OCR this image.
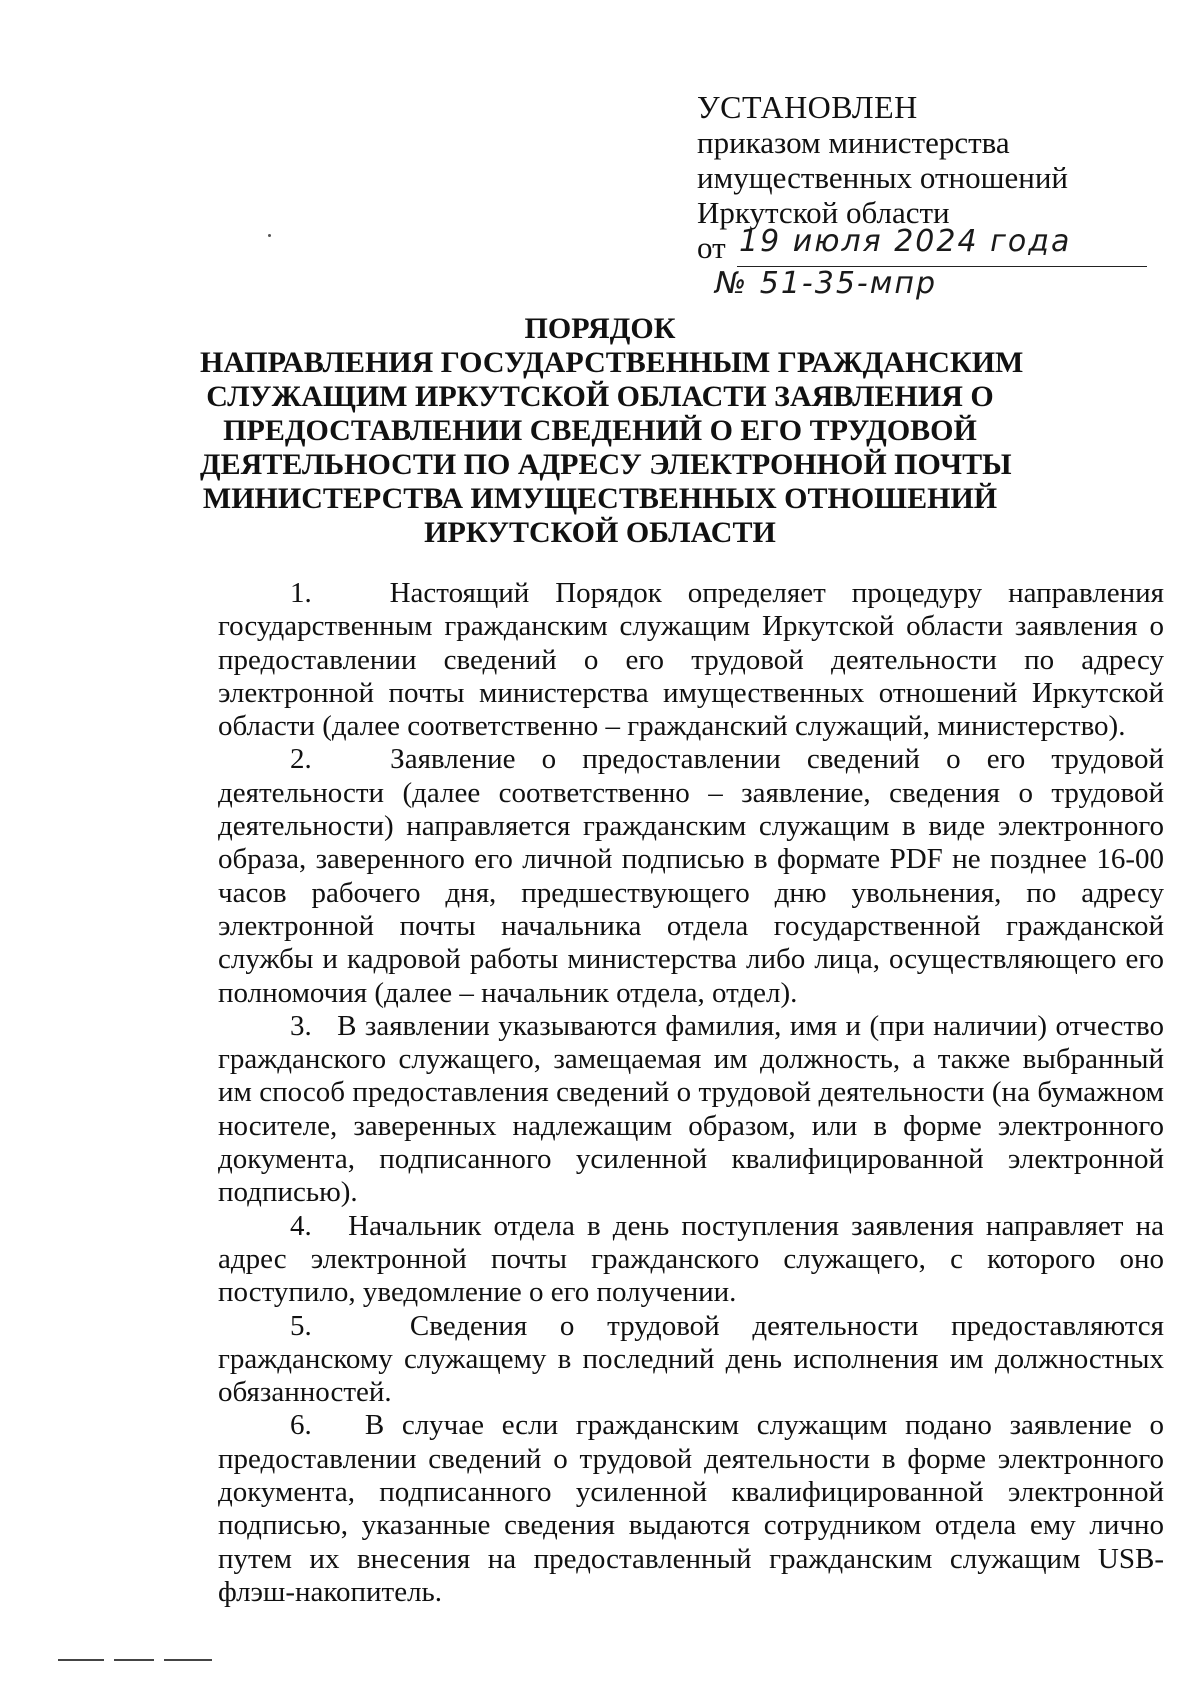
УСТАНОВЛЕН
приказом министерства
имущественных отношений
Иркутской области
от 19 июля 2024 года
№ 51-35-мпр
ПОРЯДОК
НАПРАВЛЕНИЯ ГОСУДАРСТВЕННЫМ ГРАЖДАНСКИМ
СЛУЖАЩИМ ИРКУТСКОЙ ОБЛАСТИ ЗАЯВЛЕНИЯ О
ПРЕДОСТАВЛЕНИИ СВЕДЕНИЙ О ЕГО ТРУДОВОЙ
ДЕЯТЕЛЬНОСТИ ПО АДРЕСУ ЭЛЕКТРОННОЙ ПОЧТЫ
МИНИСТЕРСТВА ИМУЩЕСТВЕННЫХ ОТНОШЕНИЙ
ИРКУТСКОЙ ОБЛАСТИ

1.	Настоящий Порядок определяет процедуру направления государственным гражданским служащим Иркутской области заявления о предоставлении сведений о его трудовой деятельности по адресу электронной почты министерства имущественных отношений Иркутской области (далее соответственно – гражданский служащий, министерство).

2.	Заявление о предоставлении сведений о его трудовой деятельности (далее соответственно – заявление, сведения о трудовой деятельности) направляется гражданским служащим в виде электронного образа, заверенного его личной подписью в формате PDF не позднее 16-00 часов рабочего дня, предшествующего дню увольнения, по адресу электронной почты начальника отдела государственной гражданской службы и кадровой работы министерства либо лица, осуществляющего его полномочия (далее – начальник отдела, отдел).

3. В заявлении указываются фамилия, имя и (при наличии) отчество гражданского служащего, замещаемая им должность, а также выбранный им способ предоставления сведений о трудовой деятельности (на бумажном носителе, заверенных надлежащим образом, или в форме электронного документа, подписанного усиленной квалифицированной электронной подписью).

4. Начальник отдела в день поступления заявления направляет на адрес электронной почты гражданского служащего, с которого оно поступило, уведомление о его получении.

5.	Сведения о трудовой деятельности предоставляются гражданскому служащему в последний день исполнения им должностных обязанностей.

6. В случае если гражданским служащим подано заявление о предоставлении сведений о трудовой деятельности в форме электронного документа, подписанного усиленной квалифицированной электронной подписью, указанные сведения выдаются сотрудником отдела ему лично путем их внесения на предоставленный гражданским служащим USB-флэш-накопитель.
